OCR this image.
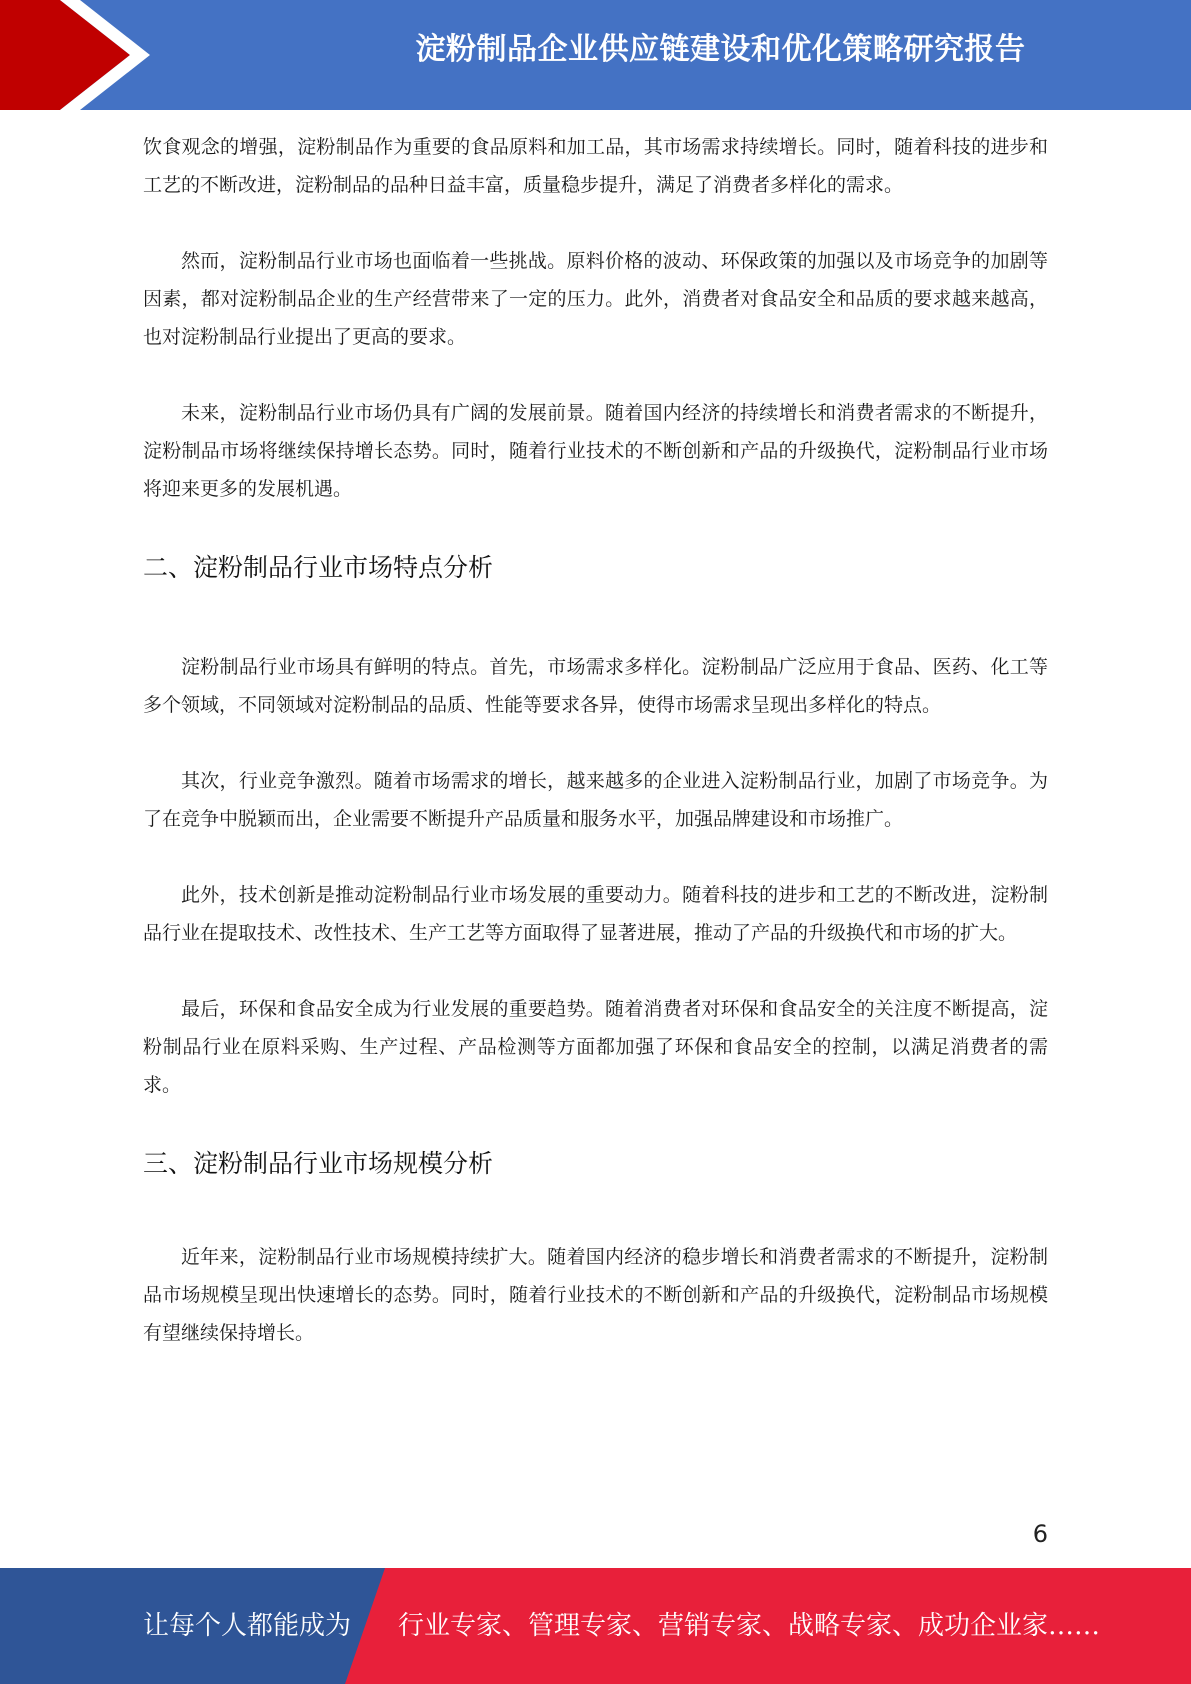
淀粉制品企业供应链建设和优化策略研究报告

饮食观念的增强，淀粉制品作为重要的食品原料和加工品，其市场需求持续增长。同时，随着科技的进步和工艺的不断改进，淀粉制品的品种日益丰富，质量稳步提升，满足了消费者多样化的需求。

然而，淀粉制品行业市场也面临着一些挑战。原料价格的波动、环保政策的加强以及市场竞争的加剧等因素，都对淀粉制品企业的生产经营带来了一定的压力。此外，消费者对食品安全和品质的要求越来越高，也对淀粉制品行业提出了更高的要求。

未来，淀粉制品行业市场仍具有广阔的发展前景。随着国内经济的持续增长和消费者需求的不断提升，淀粉制品市场将继续保持增长态势。同时，随着行业技术的不断创新和产品的升级换代，淀粉制品行业市场将迎来更多的发展机遇。

二、淀粉制品行业市场特点分析

淀粉制品行业市场具有鲜明的特点。首先，市场需求多样化。淀粉制品广泛应用于食品、医药、化工等多个领域，不同领域对淀粉制品的品质、性能等要求各异，使得市场需求呈现出多样化的特点。

其次，行业竞争激烈。随着市场需求的增长，越来越多的企业进入淀粉制品行业，加剧了市场竞争。为了在竞争中脱颖而出，企业需要不断提升产品质量和服务水平，加强品牌建设和市场推广。

此外，技术创新是推动淀粉制品行业市场发展的重要动力。随着科技的进步和工艺的不断改进，淀粉制品行业在提取技术、改性技术、生产工艺等方面取得了显著进展，推动了产品的升级换代和市场的扩大。

最后，环保和食品安全成为行业发展的重要趋势。随着消费者对环保和食品安全的关注度不断提高，淀粉制品行业在原料采购、生产过程、产品检测等方面都加强了环保和食品安全的控制，以满足消费者的需求。

三、淀粉制品行业市场规模分析

近年来，淀粉制品行业市场规模持续扩大。随着国内经济的稳步增长和消费者需求的不断提升，淀粉制品市场规模呈现出快速增长的态势。同时，随着行业技术的不断创新和产品的升级换代，淀粉制品市场规模有望继续保持增长。

6
让每个人都能成为 行业专家、管理专家、营销专家、战略专家、成功企业家……
